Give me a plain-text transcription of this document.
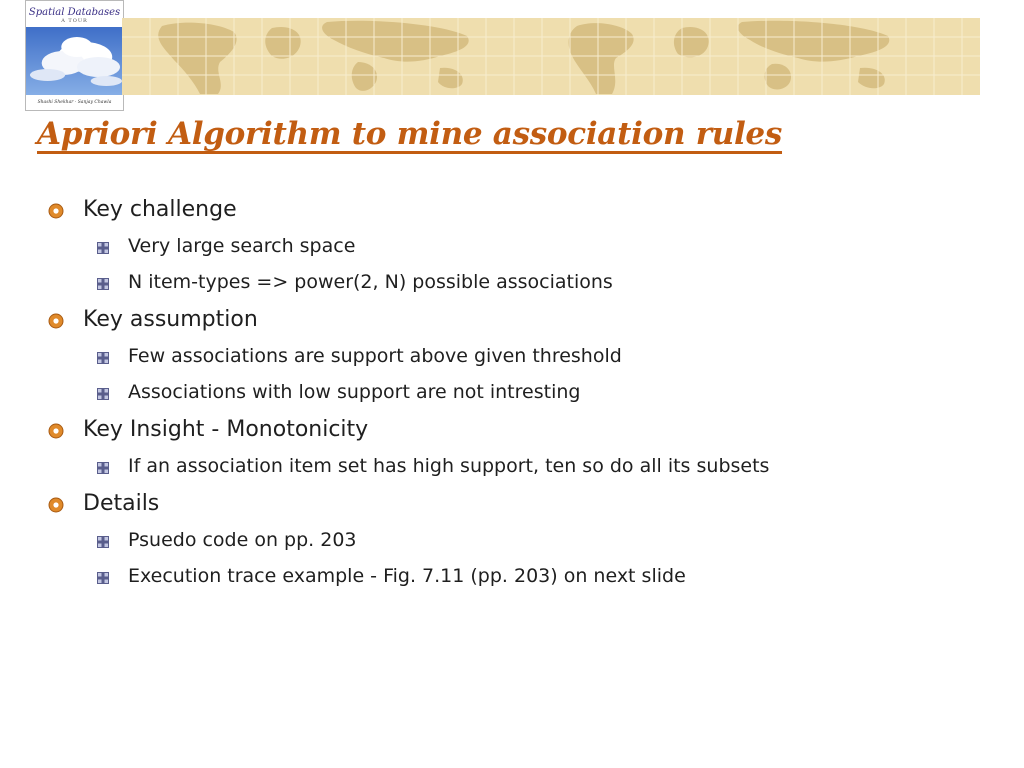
Spatial Databases
A TOUR
Shashi Shekhar · Sanjay Chawla
Apriori Algorithm to mine association rules
Key challenge
Very large search space
N item-types => power(2, N) possible associations
Key assumption
Few associations are support above given threshold
Associations with low support are not intresting
Key Insight - Monotonicity
If an association item set has high support, ten so do all its subsets
Details
Psuedo code on pp. 203
Execution trace example - Fig. 7.11 (pp. 203) on next slide
